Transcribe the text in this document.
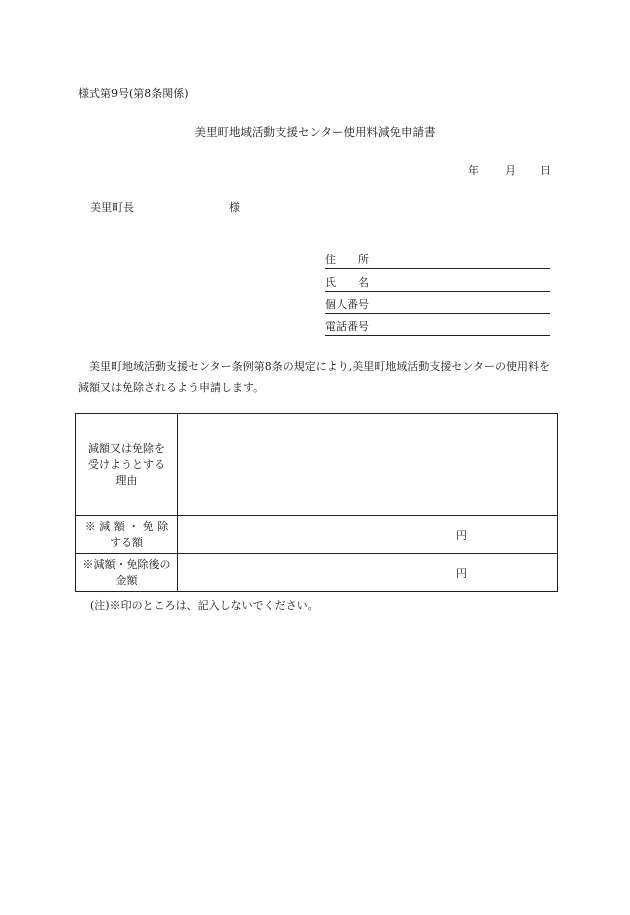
様式第9号(第8条関係)
美里町地域活動支援センター使用料減免申請書
年 月 日
美里町長	様
住　　所
氏　　名
個人番号
電話番号
美里町地域活動支援センター条例第8条の規定により,美里町地域活動支援センターの使用料を減額又は免除されるよう申請します。
減額又は免除を受けようとする理由	

※ 減 額 ・ 免 除 する額	円

※減額・免除後の金額	円
(注)※印のところは、記入しないでください。
